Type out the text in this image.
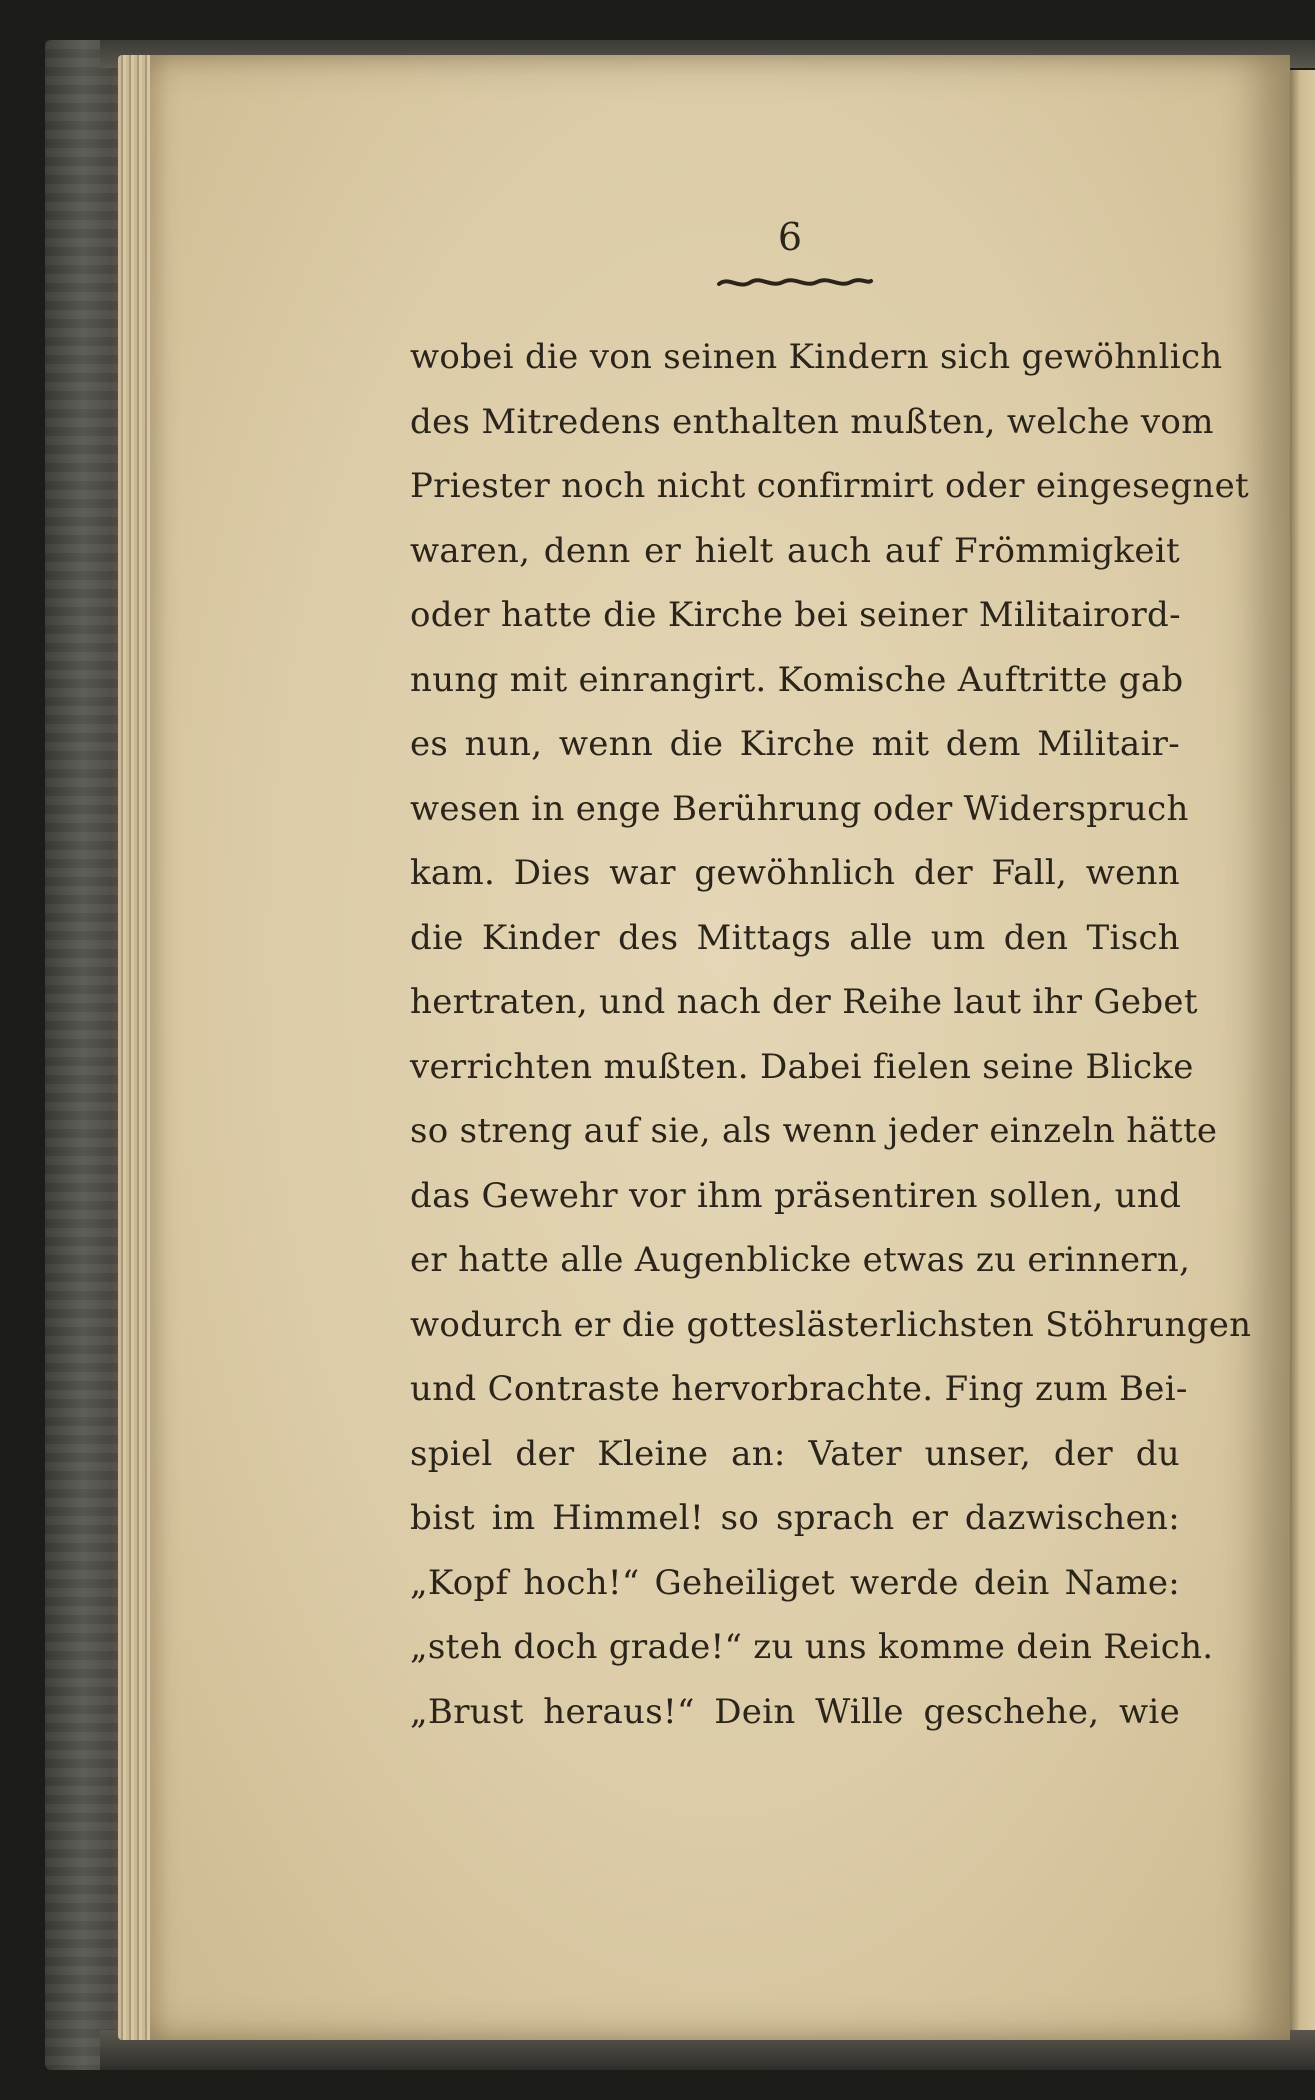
6
wobei die von seinen Kindern sich gewöhnlich
des Mitredens enthalten mußten, welche vom
Priester noch nicht confirmirt oder eingesegnet
waren, denn er hielt auch auf Frömmigkeit
oder hatte die Kirche bei seiner Militairord-
nung mit einrangirt. Komische Auftritte gab
es nun, wenn die Kirche mit dem Militair-
wesen in enge Berührung oder Widerspruch
kam. Dies war gewöhnlich der Fall, wenn
die Kinder des Mittags alle um den Tisch
hertraten, und nach der Reihe laut ihr Gebet
verrichten mußten. Dabei fielen seine Blicke
so streng auf sie, als wenn jeder einzeln hätte
das Gewehr vor ihm präsentiren sollen, und
er hatte alle Augenblicke etwas zu erinnern,
wodurch er die gotteslästerlichsten Stöhrungen
und Contraste hervorbrachte. Fing zum Bei-
spiel der Kleine an: Vater unser, der du
bist im Himmel! so sprach er dazwischen:
„Kopf hoch!“ Geheiliget werde dein Name:
„steh doch grade!“ zu uns komme dein Reich.
„Brust heraus!“ Dein Wille geschehe, wie
